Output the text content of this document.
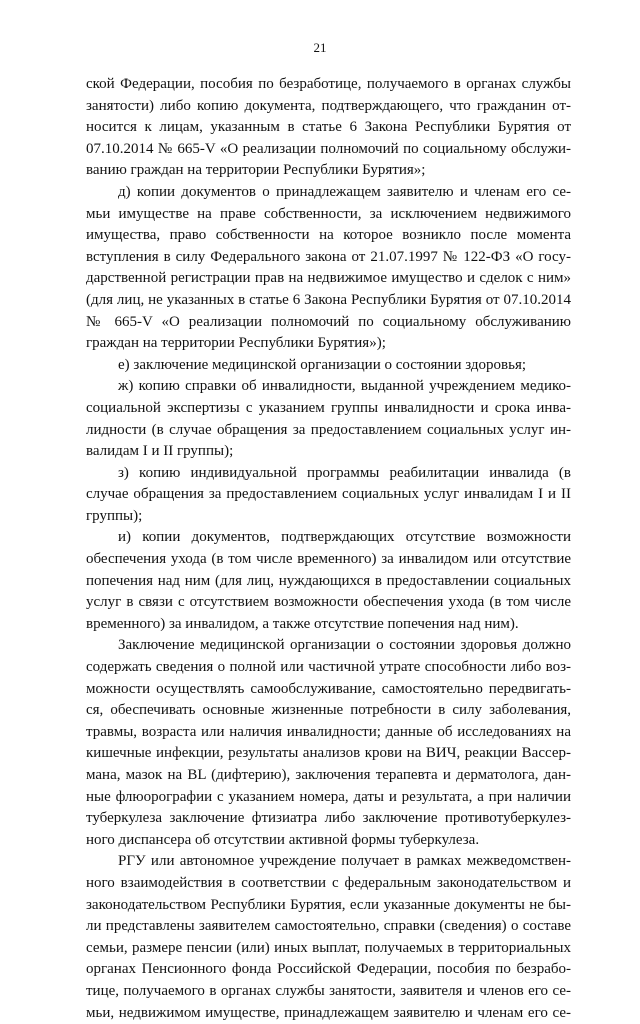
21

ской Федерации, пособия по безработице, получаемого в органах службы

занятости) либо копию документа, подтверждающего, что гражданин от-

носится к лицам, указанным в статье 6 Закона Республики Бурятия от

07.10.2014 № 665-V «О реализации полномочий по социальному обслужи-

ванию граждан на территории Республики Бурятия»;

д) копии документов о принадлежащем заявителю и членам его се-

мьи имуществе на праве собственности, за исключением недвижимого

имущества, право собственности на которое возникло после момента

вступления в силу Федерального закона от 21.07.1997 № 122-ФЗ «О госу-

дарственной регистрации прав на недвижимое имущество и сделок с ним»

(для лиц, не указанных в статье 6 Закона Республики Бурятия от 07.10.2014

№ 665-V «О реализации полномочий по социальному обслуживанию

граждан на территории Республики Бурятия»);

е) заключение медицинской организации о состоянии здоровья;

ж) копию справки об инвалидности, выданной учреждением медико-

социальной экспертизы с указанием группы инвалидности и срока инва-

лидности (в случае обращения за предоставлением социальных услуг ин-

валидам I и II группы);

з) копию индивидуальной программы реабилитации инвалида (в

случае обращения за предоставлением социальных услуг инвалидам I и II

группы);

и) копии документов, подтверждающих отсутствие возможности

обеспечения ухода (в том числе временного) за инвалидом или отсутствие

попечения над ним (для лиц, нуждающихся в предоставлении социальных

услуг в связи с отсутствием возможности обеспечения ухода (в том числе

временного) за инвалидом, а также отсутствие попечения над ним).

Заключение медицинской организации о состоянии здоровья должно

содержать сведения о полной или частичной утрате способности либо воз-

можности осуществлять самообслуживание, самостоятельно передвигать-

ся, обеспечивать основные жизненные потребности в силу заболевания,

травмы, возраста или наличия инвалидности; данные об исследованиях на

кишечные инфекции, результаты анализов крови на ВИЧ, реакции Вассер-

мана, мазок на BL (дифтерию), заключения терапевта и дерматолога, дан-

ные флюорографии с указанием номера, даты и результата, а при наличии

туберкулеза заключение фтизиатра либо заключение противотуберкулез-

ного диспансера об отсутствии активной формы туберкулеза.

РГУ или автономное учреждение получает в рамках межведомствен-

ного взаимодействия в соответствии с федеральным законодательством и

законодательством Республики Бурятия, если указанные документы не бы-

ли представлены заявителем самостоятельно, справки (сведения) о составе

семьи, размере пенсии (или) иных выплат, получаемых в территориальных

органах Пенсионного фонда Российской Федерации, пособия по безрабо-

тице, получаемого в органах службы занятости, заявителя и членов его се-

мьи, недвижимом имуществе, принадлежащем заявителю и членам его се-
